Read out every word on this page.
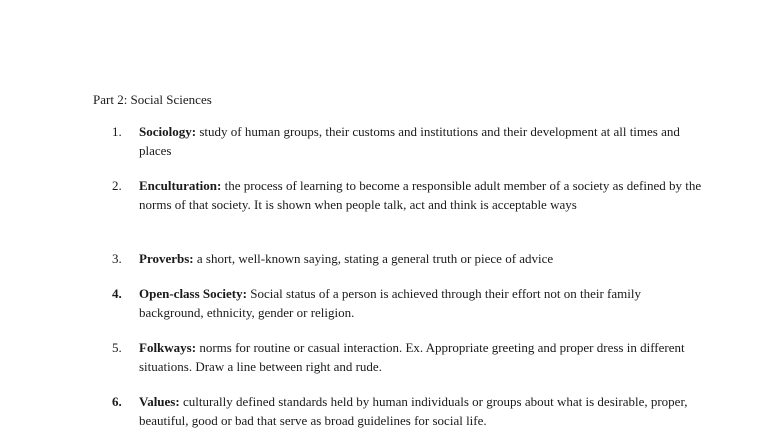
Part 2: Social Sciences
1.	Sociology: study of human groups, their customs and institutions and their development at all times and places
2.	Enculturation: the process of learning to become a responsible adult member of a society as defined by the norms of that society. It is shown when people talk, act and think is acceptable ways
3.	Proverbs: a short, well-known saying, stating a general truth or piece of advice
4.	Open-class Society: Social status of a person is achieved through their effort not on their family background, ethnicity, gender or religion.
5.	Folkways: norms for routine or casual interaction. Ex. Appropriate greeting and proper dress in different situations. Draw a line between right and rude.
6.	Values: culturally defined standards held by human individuals or groups about what is desirable, proper, beautiful, good or bad that serve as broad guidelines for social life.
